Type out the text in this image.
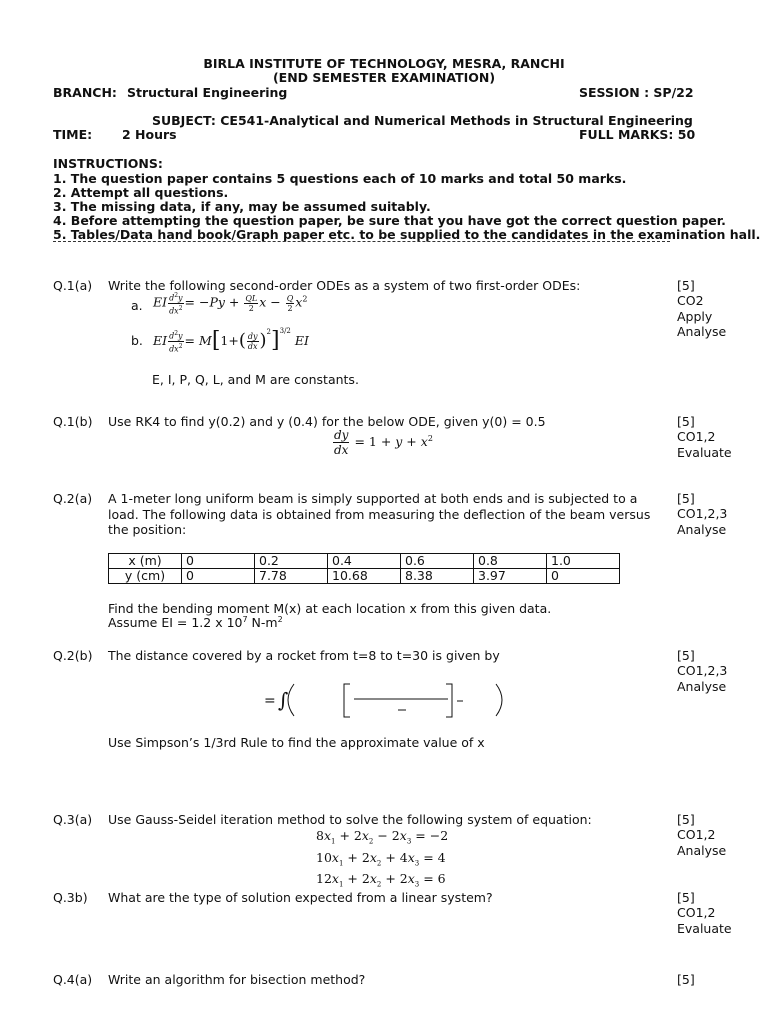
BIRLA INSTITUTE OF TECHNOLOGY, MESRA, RANCHI
(END SEMESTER EXAMINATION)
BRANCH: Structural Engineering	SESSION : SP/22
SUBJECT: CE541-Analytical and Numerical Methods in Structural Engineering
TIME: 2 Hours	FULL MARKS: 50
INSTRUCTIONS:
1. The question paper contains 5 questions each of 10 marks and total 50 marks.
2. Attempt all questions.
3. The missing data, if any, may be assumed suitably.
4. Before attempting the question paper, be sure that you have got the correct question paper.
5. Tables/Data hand book/Graph paper etc. to be supplied to the candidates in the examination hall.
Q.1(a) Write the following second-order ODEs as a system of two first-order ODEs:
a. EI $\frac{d^2y}{dx^2} = -Py + \frac{QL}{2}$ $x - \frac{Q}{2} x^2$
b. EI $\frac{d^2y}{dx^2} = M[1+( \frac{dy}{dx} )^2]^{3/2}$ EI
E, I, P, Q, L, and M are constants.
[5]
CO2
Apply
Analyse
Q.1(b) Use RK4 to find y(0.2) and y (0.4) for the below ODE, given y(0) = 0.5
$\frac{dy}{dx} = 1 + y + x^2$
[5]
CO1,2
Evaluate
Q.2(a) A 1-meter long uniform beam is simply supported at both ends and is subjected to a
load. The following data is obtained from measuring the deflection of the beam versus
the position:
x (m)	0	0.2	0.4	0.6	0.8	1.0
y (cm)	0	7.78	10.68	8.38	3.97	0
Find the bending moment M(x) at each location x from this given data.
Assume EI = 1.2 x $10^7$ $N-m^2$
[5]
CO1,2,3
Analyse
Q.2(b) The distance covered by a rocket from t=8 to t=30 is given by
= ∫
Use Simpson’s 1/3rd Rule to find the approximate value of x
[5]
CO1,2,3
Analyse
Q.3(a) Use Gauss-Seidel iteration method to solve the following system of equation:
$8x_1 + 2x_2 - 2x_3 = -2$
$10x_1 + 2x_2 + 4x_3 = 4$
$12x_1 + 2x_2 + 2x_3 = 6$
[5]
CO1,2
Analyse
Q.3b) What are the type of solution expected from a linear system?	[5]
CO1,2
Evaluate
Q.4(a) Write an algorithm for bisection method?	[5]
